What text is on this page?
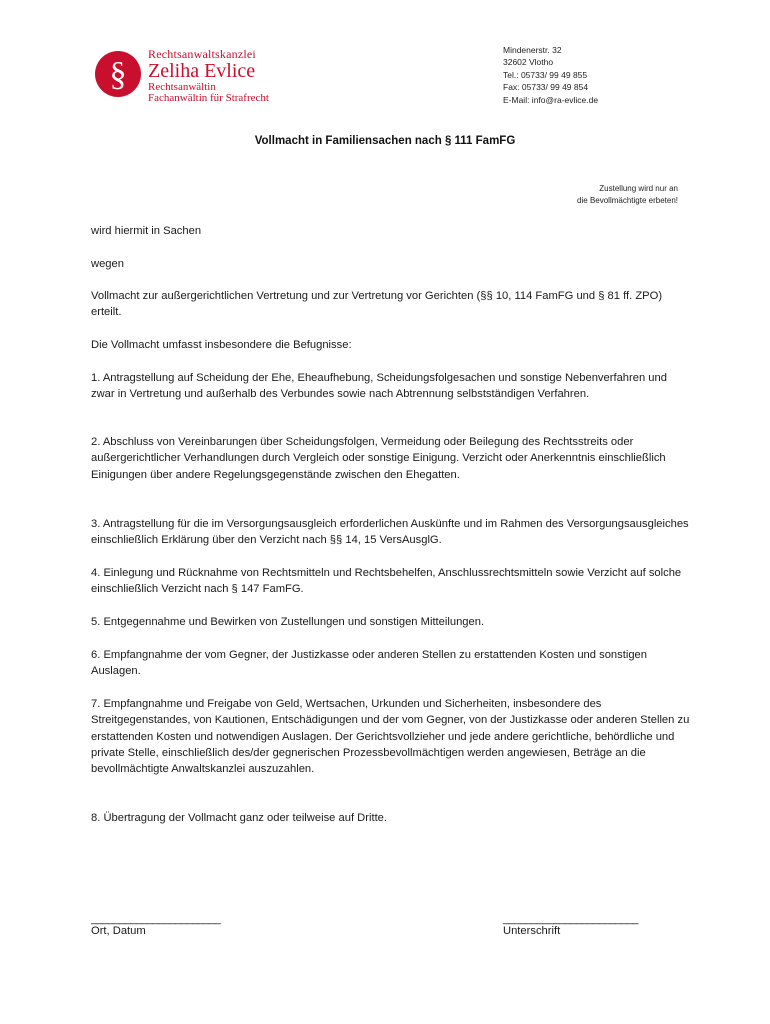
§
Rechtsanwaltskanzlei
Zeliha Evlice
Rechtsanwältin
Fachanwältin für Strafrecht
Mindenerstr. 32
32602 Vlotho
Tel.: 05733/ 99 49 855
Fax: 05733/ 99 49 854
E-Mail: info@ra-evlice.de
Vollmacht in Familiensachen nach § 111 FamFG
Zustellung wird nur an
die Bevollmächtigte erbeten!

wird hiermit in Sachen

wegen

Vollmacht zur außergerichtlichen Vertretung und zur Vertretung vor Gerichten (§§ 10, 114 FamFG und § 81 ff. ZPO) erteilt.

Die Vollmacht umfasst insbesondere die Befugnisse:

1. Antragstellung auf Scheidung der Ehe, Eheaufhebung, Scheidungsfolgesachen und sonstige Nebenverfahren und zwar in Vertretung und außerhalb des Verbundes sowie nach Abtrennung selbstständigen Verfahren.

2. Abschluss von Vereinbarungen über Scheidungsfolgen, Vermeidung oder Beilegung des Rechtsstreits oder außergerichtlicher Verhandlungen durch Vergleich oder sonstige Einigung. Verzicht oder Anerkenntnis einschließlich Einigungen über andere Regelungsgegenstände zwischen den Ehegatten.

3. Antragstellung für die im Versorgungsausgleich erforderlichen Auskünfte und im Rahmen des Versorgungsausgleiches einschließlich Erklärung über den Verzicht nach §§ 14, 15 VersAusglG.

4. Einlegung und Rücknahme von Rechtsmitteln und Rechtsbehelfen, Anschlussrechtsmitteln sowie Verzicht auf solche einschließlich Verzicht nach § 147 FamFG.

5. Entgegennahme und Bewirken von Zustellungen und sonstigen Mitteilungen.

6. Empfangnahme der vom Gegner, der Justizkasse oder anderen Stellen zu erstattenden Kosten und sonstigen Auslagen.

7. Empfangnahme und Freigabe von Geld, Wertsachen, Urkunden und Sicherheiten, insbesondere des Streitgegenstandes, von Kautionen, Entschädigungen und der vom Gegner, von der Justizkasse oder anderen Stellen zu erstattenden Kosten und notwendigen Auslagen. Der Gerichtsvollzieher und jede andere gerichtliche, behördliche und private Stelle, einschließlich des/der gegnerischen Prozessbevollmächtigen werden angewiesen, Beträge an die bevollmächtigte Anwaltskanzlei auszuzahlen.

8. Übertragung der Vollmacht ganz oder teilweise auf Dritte.

_______________________
Ort, Datum
________________________
Unterschrift
